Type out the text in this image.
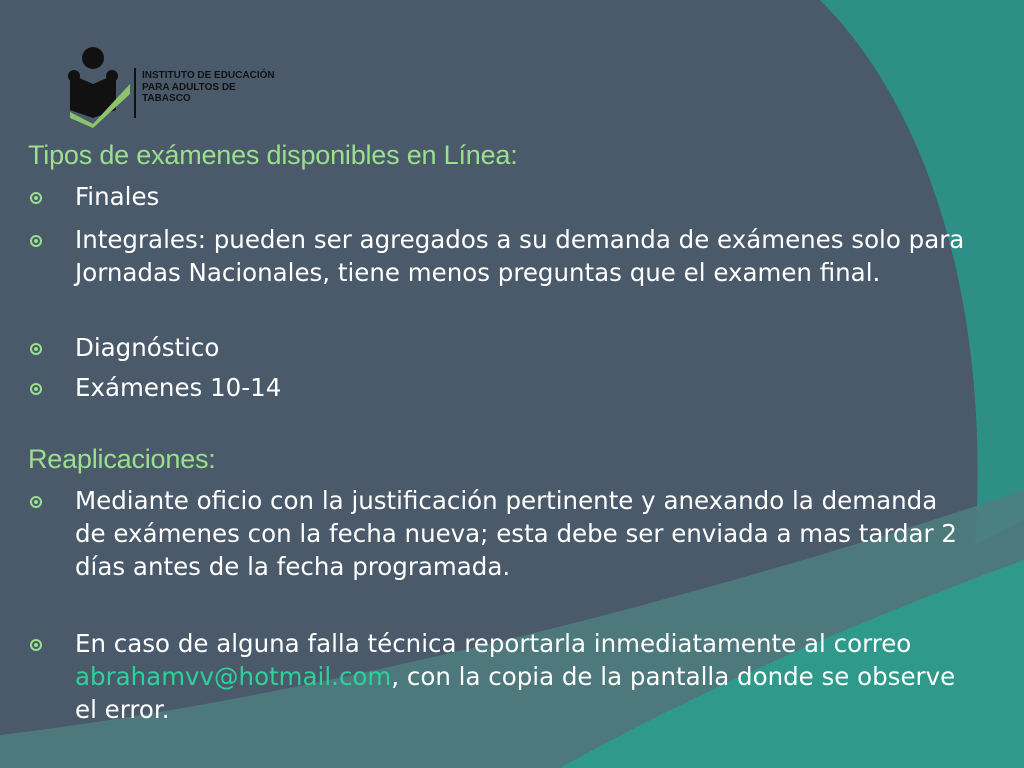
INSTITUTO DE EDUCACIÓN
PARA ADULTOS DE
TABASCO
Tipos de exámenes disponibles en Línea:
Finales
Integrales: pueden ser agregados a su demanda de exámenes solo para Jornadas Nacionales, tiene menos preguntas que el examen final.
Diagnóstico
Exámenes 10-14
Reaplicaciones:
Mediante oficio con la justificación pertinente y anexando la demanda de exámenes con la fecha nueva; esta debe ser enviada a mas tardar 2 días antes de la fecha programada.
En caso de alguna falla técnica reportarla inmediatamente al correo abrahamvv@hotmail.com, con la copia de la pantalla donde se observe el error.
